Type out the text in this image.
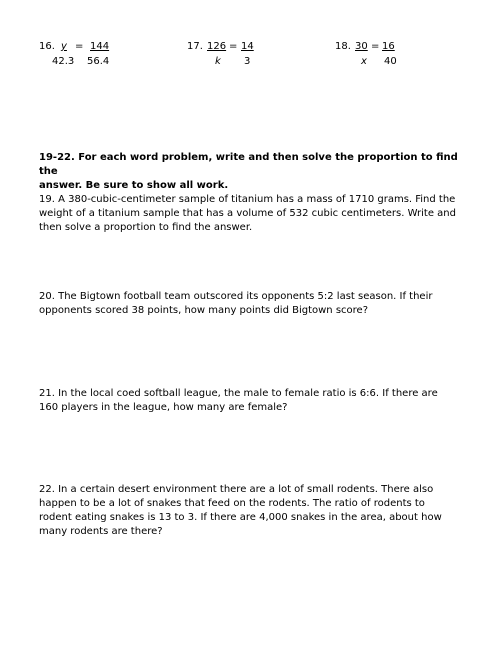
16. y = 144
42.3 56.4
17. 126 = 14
k 3
18. 30 = 16
x 40
19-22. For each word problem, write and then solve the proportion to find the
answer. Be sure to show all work.
19. A 380-cubic-centimeter sample of titanium has a mass of 1710 grams. Find the weight of a titanium sample that has a volume of 532 cubic centimeters. Write and then solve a proportion to find the answer.
20. The Bigtown football team outscored its opponents 5:2 last season. If their opponents scored 38 points, how many points did Bigtown score?
21. In the local coed softball league, the male to female ratio is 6:6. If there are 160 players in the league, how many are female?
22. In a certain desert environment there are a lot of small rodents. There also happen to be a lot of snakes that feed on the rodents. The ratio of rodents to rodent eating snakes is 13 to 3. If there are 4,000 snakes in the area, about how many rodents are there?
